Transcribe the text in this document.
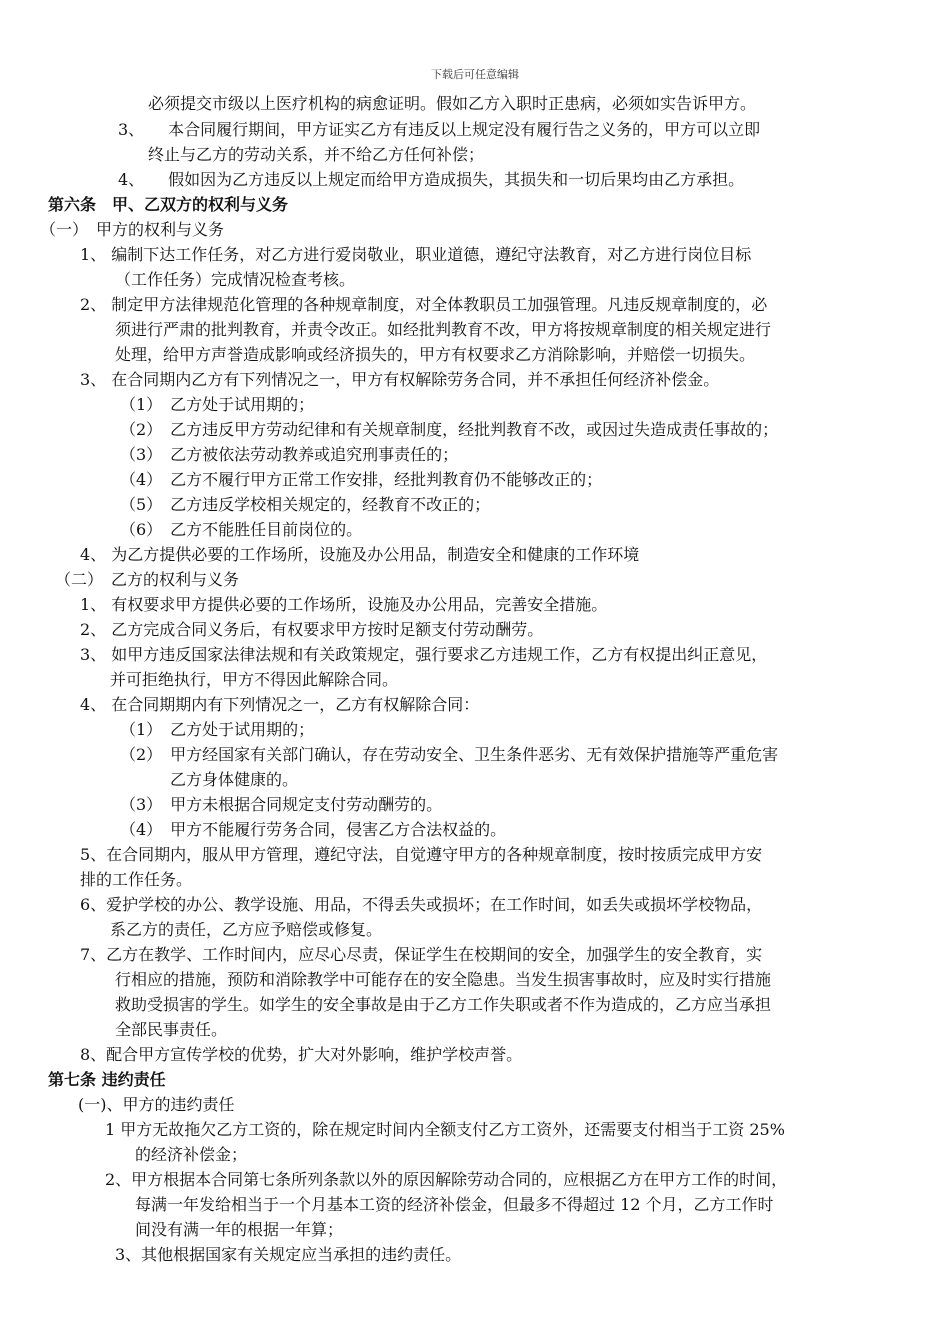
下载后可任意编辑
必须提交市级以上医疗机构的病愈证明。假如乙方入职时正患病，必须如实告诉甲方。
3、　　本合同履行期间，甲方证实乙方有违反以上规定没有履行告之义务的，甲方可以立即
终止与乙方的劳动关系，并不给乙方任何补偿；
4、　　假如因为乙方违反以上规定而给甲方造成损失，其损失和一切后果均由乙方承担。
第六条　甲、乙双方的权利与义务
（一）　甲方的权利与义务
1、 编制下达工作任务，对乙方进行爱岗敬业，职业道德，遵纪守法教育，对乙方进行岗位目标
（工作任务）完成情况检查考核。
2、 制定甲方法律规范化管理的各种规章制度，对全体教职员工加强管理。凡违反规章制度的，必
须进行严肃的批判教育，并责令改正。如经批判教育不改，甲方将按规章制度的相关规定进行
处理，给甲方声誉造成影响或经济损失的，甲方有权要求乙方消除影响，并赔偿一切损失。
3、 在合同期内乙方有下列情况之一，甲方有权解除劳务合同，并不承担任何经济补偿金。
（1）　乙方处于试用期的；
（2）　乙方违反甲方劳动纪律和有关规章制度，经批判教育不改，或因过失造成责任事故的；
（3）　乙方被依法劳动教养或追究刑事责任的；
（4）　乙方不履行甲方正常工作安排，经批判教育仍不能够改正的；
（5）　乙方违反学校相关规定的，经教育不改正的；
（6）　乙方不能胜任目前岗位的。
4、 为乙方提供必要的工作场所，设施及办公用品，制造安全和健康的工作环境
（二）　乙方的权利与义务
1、 有权要求甲方提供必要的工作场所，设施及办公用品，完善安全措施。
2、 乙方完成合同义务后，有权要求甲方按时足额支付劳动酬劳。
3、 如甲方违反国家法律法规和有关政策规定，强行要求乙方违规工作，乙方有权提出纠正意见，
并可拒绝执行，甲方不得因此解除合同。
4、 在合同期期内有下列情况之一，乙方有权解除合同：
（1）　乙方处于试用期的；
（2）　甲方经国家有关部门确认，存在劳动安全、卫生条件恶劣、无有效保护措施等严重危害
乙方身体健康的。
（3）　甲方未根据合同规定支付劳动酬劳的。
（4）　甲方不能履行劳务合同，侵害乙方合法权益的。
5、在合同期内，服从甲方管理，遵纪守法，自觉遵守甲方的各种规章制度，按时按质完成甲方安
排的工作任务。
6、爱护学校的办公、教学设施、用品，不得丢失或损坏；在工作时间，如丢失或损坏学校物品，
系乙方的责任，乙方应予赔偿或修复。
7、乙方在教学、工作时间内，应尽心尽责，保证学生在校期间的安全，加强学生的安全教育，实
行相应的措施，预防和消除教学中可能存在的安全隐患。当发生损害事故时，应及时实行措施
救助受损害的学生。如学生的安全事故是由于乙方工作失职或者不作为造成的，乙方应当承担
全部民事责任。
8、配合甲方宣传学校的优势，扩大对外影响，维护学校声誉。
第七条 违约责任
(一)、甲方的违约责任
1 甲方无故拖欠乙方工资的，除在规定时间内全额支付乙方工资外，还需要支付相当于工资 25%
的经济补偿金；
2、甲方根据本合同第七条所列条款以外的原因解除劳动合同的，应根据乙方在甲方工作的时间，
每满一年发给相当于一个月基本工资的经济补偿金，但最多不得超过 12 个月，乙方工作时
间没有满一年的根据一年算；
3、其他根据国家有关规定应当承担的违约责任。
